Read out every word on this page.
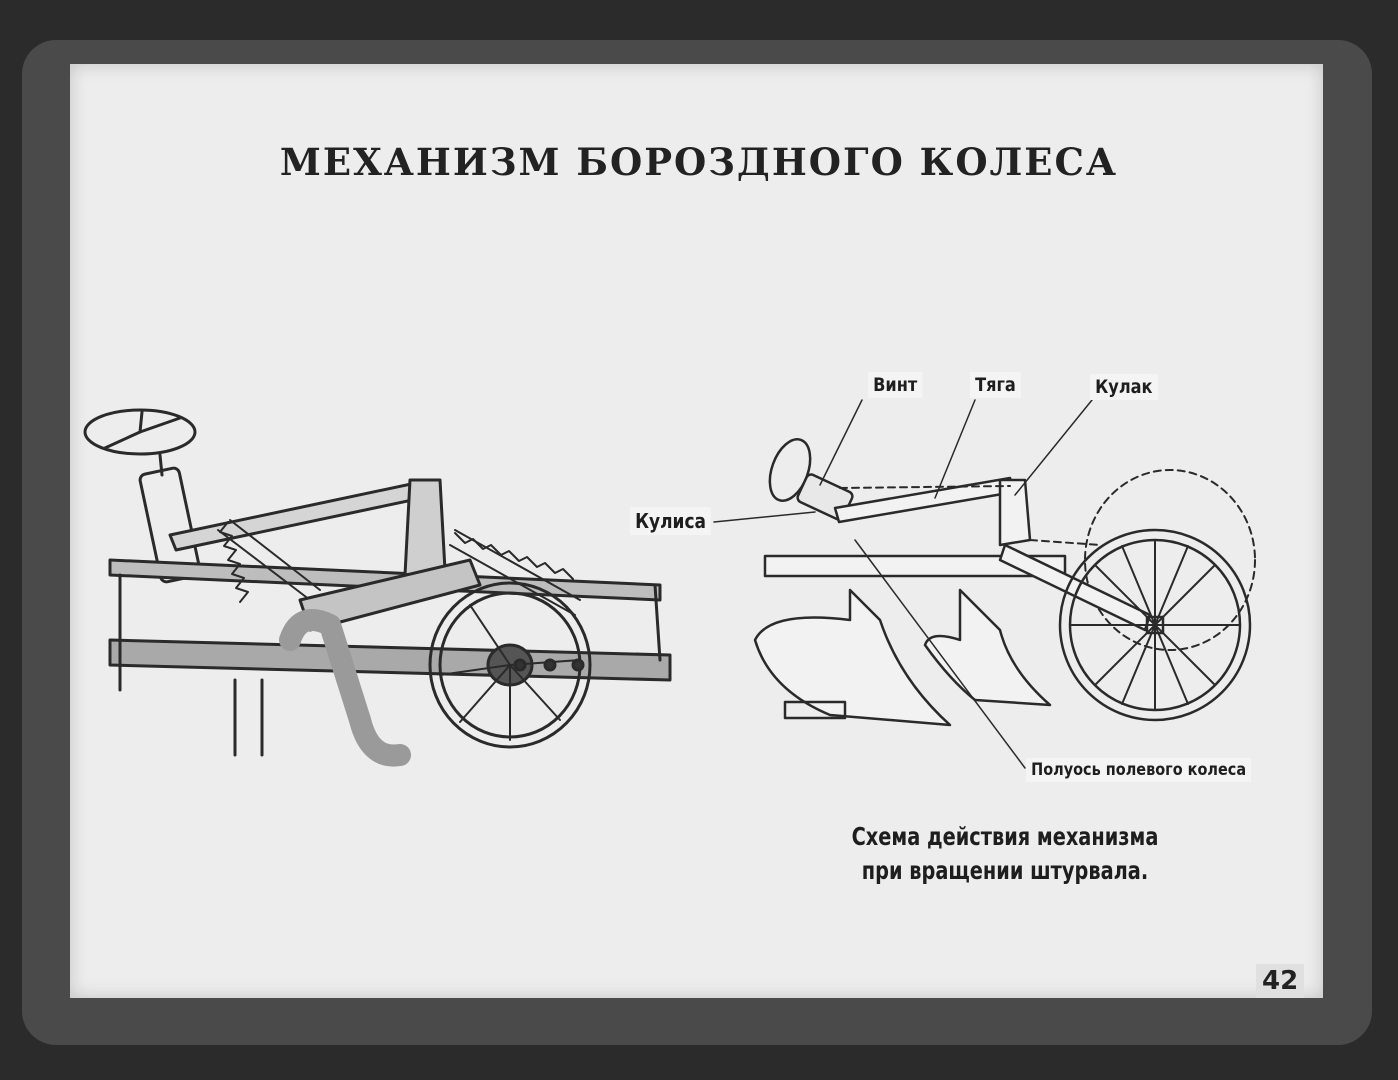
МЕХАНИЗМ БОРОЗДНОГО КОЛЕСА
Винт	Тяга	Кулак
Кулиса
Полуось полевого колеса
Схема действия механизма
при вращении штурвала.
42
